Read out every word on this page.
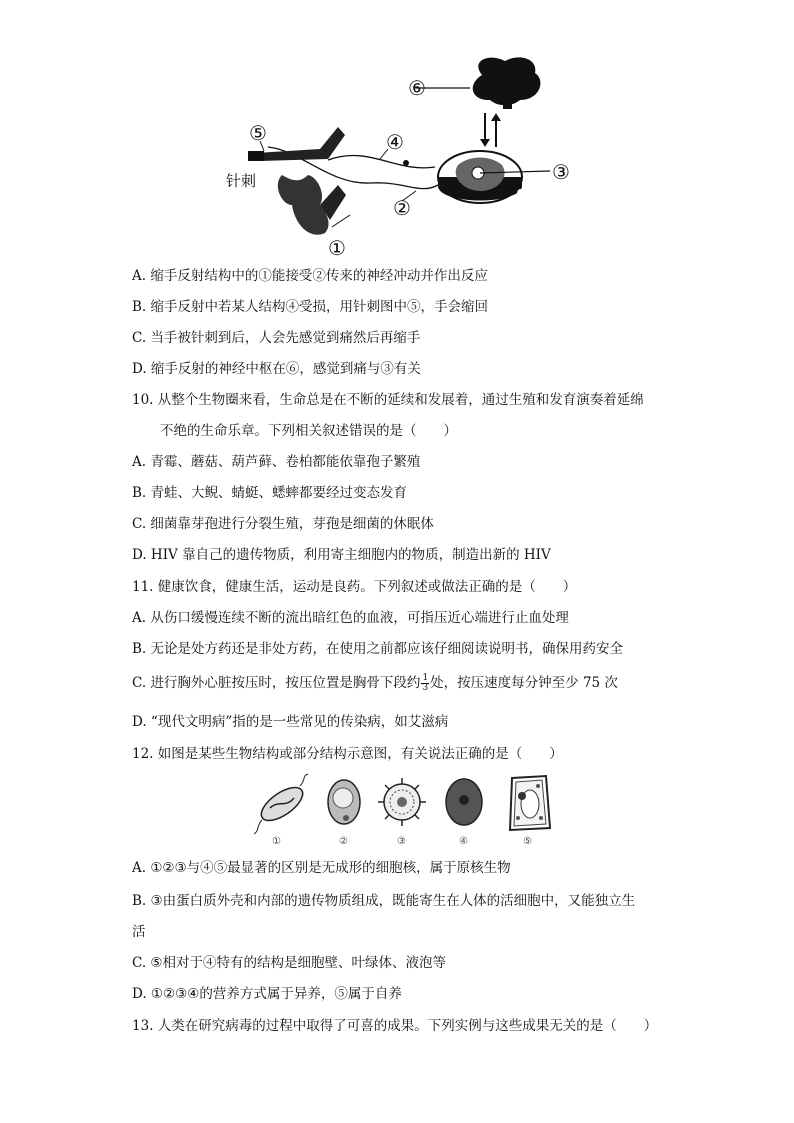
⑥
⑤	④
③
②
①
针刺
A. 缩手反射结构中的①能接受②传来的神经冲动并作出反应
B. 缩手反射中若某人结构④受损，用针刺图中⑤，手会缩回
C. 当手被针刺到后，人会先感觉到痛然后再缩手
D. 缩手反射的神经中枢在⑥，感觉到痛与③有关
10. 从整个生物圈来看，生命总是在不断的延续和发展着，通过生殖和发育演奏着延绵
不绝的生命乐章。下列相关叙述错误的是（　　）
A. 青霉、蘑菇、葫芦藓、卷柏都能依靠孢子繁殖
B. 青蛙、大鲵、蜻蜓、蟋蟀都要经过变态发育
C. 细菌靠芽孢进行分裂生殖，芽孢是细菌的休眠体
D. HIV 靠自己的遗传物质，利用寄主细胞内的物质，制造出新的 HIV
11. 健康饮食，健康生活，运动是良药。下列叙述或做法正确的是（　　）
A. 从伤口缓慢连续不断的流出暗红色的血液，可指压近心端进行止血处理
B. 无论是处方药还是非处方药，在使用之前都应该仔细阅读说明书，确保用药安全
C. 进行胸外心脏按压时，按压位置是胸骨下段约 $\frac{1}{3}$ 处，按压速度每分钟至少 75 次
D. “现代文明病”指的是一些常见的传染病，如艾滋病
12. 如图是某些生物结构或部分结构示意图，有关说法正确的是（　　）
①	②	③	④	⑤
A. ①②③与④⑤最显著的区别是无成形的细胞核，属于原核生物
B. ③由蛋白质外壳和内部的遗传物质组成，既能寄生在人体的活细胞中，又能独立生
活
C. ⑤相对于④特有的结构是细胞壁、叶绿体、液泡等
D. ①②③④的营养方式属于异养，⑤属于自养
13. 人类在研究病毒的过程中取得了可喜的成果。下列实例与这些成果无关的是（　　）
